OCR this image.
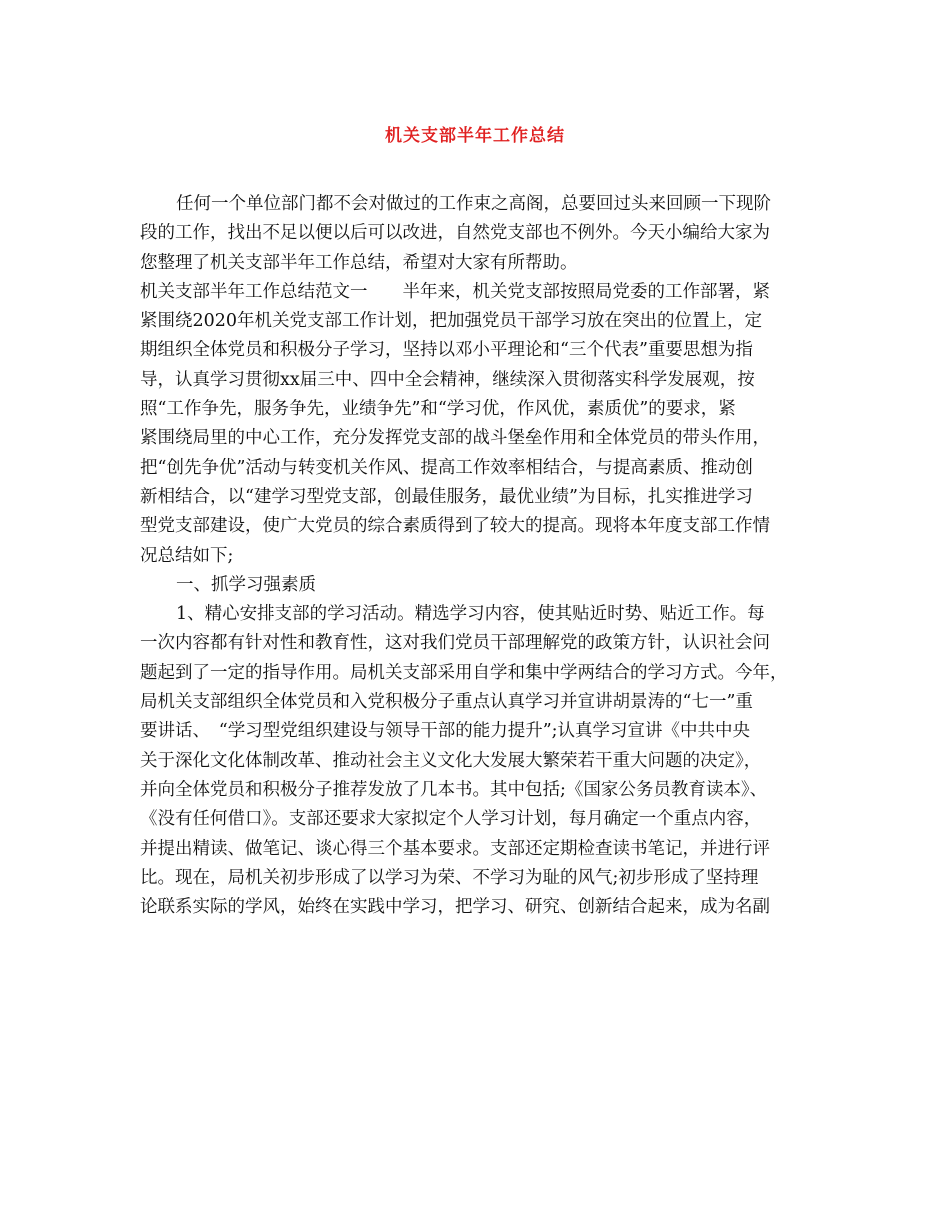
机关支部半年工作总结
任何一个单位部门都不会对做过的工作束之高阁，总要回过头来回顾一下现阶
段的工作，找出不足以便以后可以改进，自然党支部也不例外。今天小编给大家为
您整理了机关支部半年工作总结，希望对大家有所帮助。
机关支部半年工作总结范文一　　半年来，机关党支部按照局党委的工作部署，紧
紧围绕2020年机关党支部工作计划，把加强党员干部学习放在突出的位置上，定
期组织全体党员和积极分子学习，坚持以邓小平理论和“三个代表”重要思想为指
导，认真学习贯彻xx届三中、四中全会精神，继续深入贯彻落实科学发展观，按
照“工作争先，服务争先，业绩争先”和“学习优，作风优，素质优”的要求，紧
紧围绕局里的中心工作，充分发挥党支部的战斗堡垒作用和全体党员的带头作用，
把“创先争优”活动与转变机关作风、提高工作效率相结合，与提高素质、推动创
新相结合，以“建学习型党支部，创最佳服务，最优业绩”为目标，扎实推进学习
型党支部建设，使广大党员的综合素质得到了较大的提高。现将本年度支部工作情
况总结如下;
一、抓学习强素质
1、精心安排支部的学习活动。精选学习内容，使其贴近时势、贴近工作。每
一次内容都有针对性和教育性，这对我们党员干部理解党的政策方针，认识社会问
题起到了一定的指导作用。局机关支部采用自学和集中学两结合的学习方式。今年，
局机关支部组织全体党员和入党积极分子重点认真学习并宣讲胡景涛的“七一”重
要讲话、　“学习型党组织建设与领导干部的能力提升”;认真学习宣讲《中共中央
关于深化文化体制改革、推动社会主义文化大发展大繁荣若干重大问题的决定》，
并向全体党员和积极分子推荐发放了几本书。其中包括;《国家公务员教育读本》、
《没有任何借口》。支部还要求大家拟定个人学习计划，每月确定一个重点内容，
并提出精读、做笔记、谈心得三个基本要求。支部还定期检查读书笔记，并进行评
比。现在，局机关初步形成了以学习为荣、不学习为耻的风气;初步形成了坚持理
论联系实际的学风，始终在实践中学习，把学习、研究、创新结合起来，成为名副
